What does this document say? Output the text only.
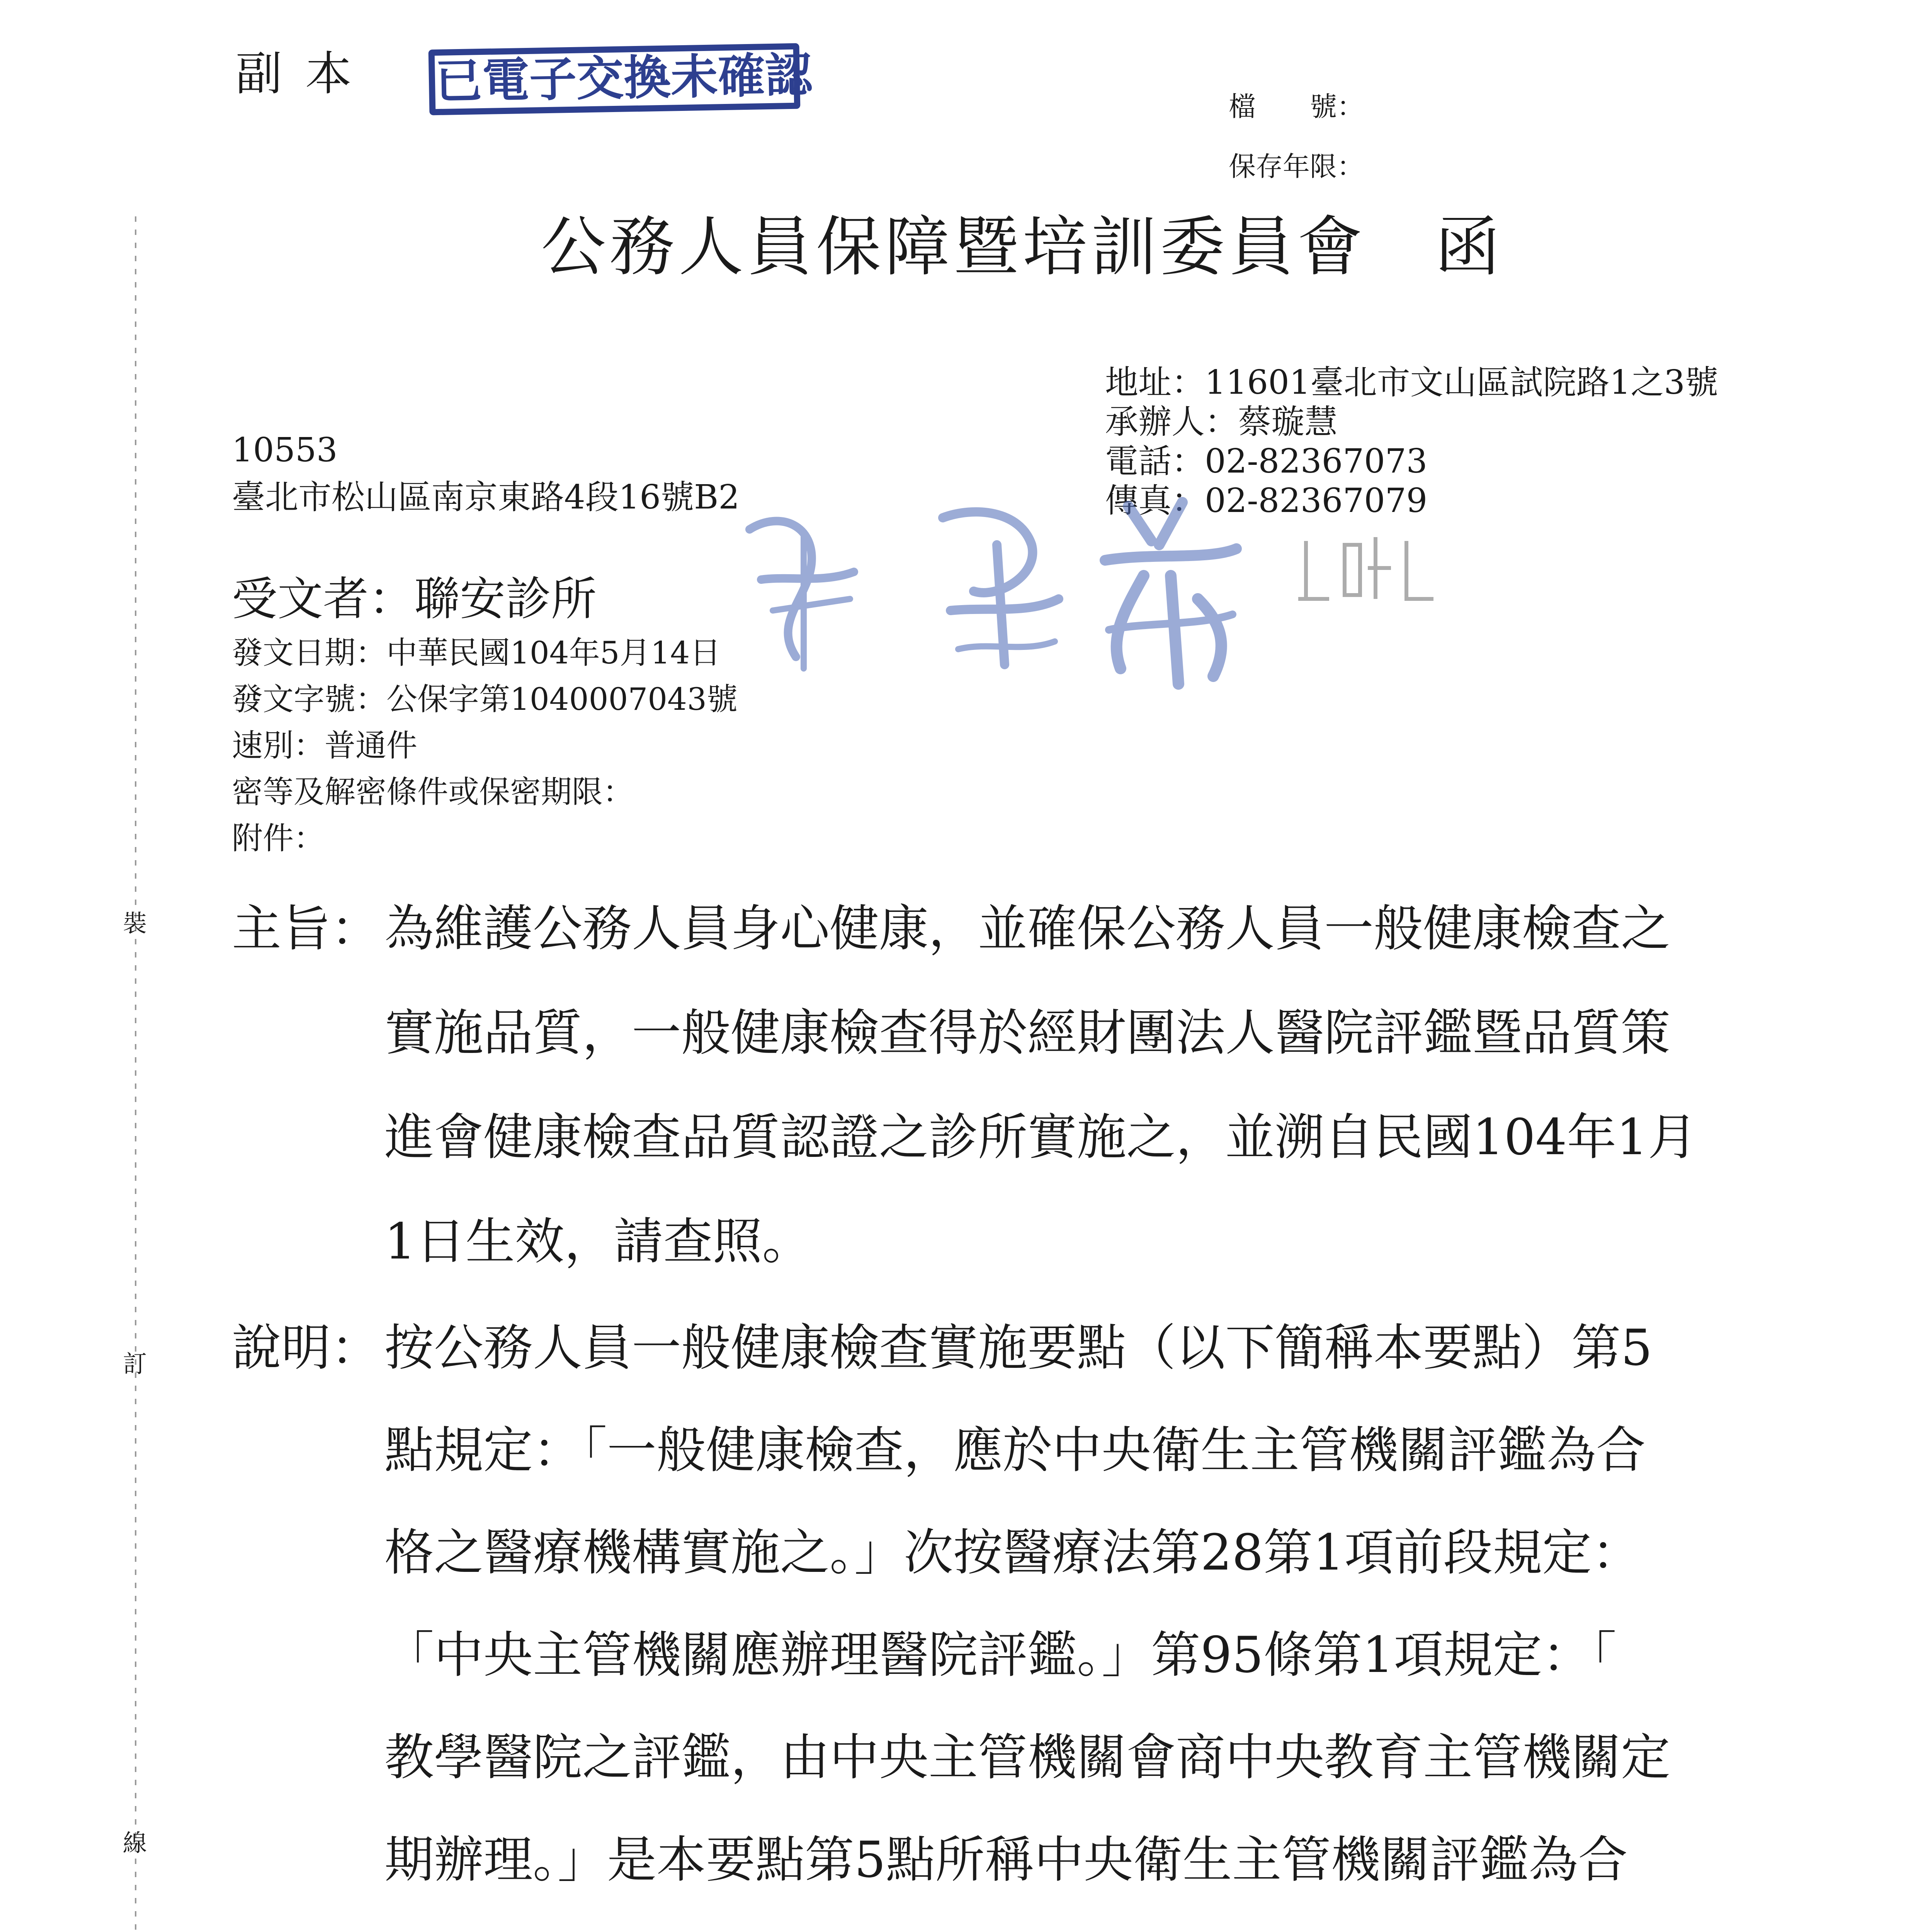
副本 已電子交換未確認	檔　　號：
保存年限：
公務人員保障暨培訓委員會　函
地址：11601臺北市文山區試院路1之3號
承辦人：蔡璇慧
電話：02-82367073
傳真：02-82367079
10553
臺北市松山區南京東路4段16號B2
受文者：聯安診所
發文日期：中華民國104年5月14日
發文字號：公保字第1040007043號
速別：普通件
密等及解密條件或保密期限：
附件：
裝
訂
線
主旨： 為維護公務人員身心健康，並確保公務人員一般健康檢查之
實施品質，一般健康檢查得於經財團法人醫院評鑑暨品質策
進會健康檢查品質認證之診所實施之，並溯自民國104年1月
1日生效，請查照。
說明： 按公務人員一般健康檢查實施要點（以下簡稱本要點）第5
點規定：「一般健康檢查，應於中央衛生主管機關評鑑為合
格之醫療機構實施之。」次按醫療法第28第1項前段規定：
「中央主管機關應辦理醫院評鑑。」第95條第1項規定：「
教學醫院之評鑑，由中央主管機關會商中央教育主管機關定
期辦理。」是本要點第5點所稱中央衛生主管機關評鑑為合
